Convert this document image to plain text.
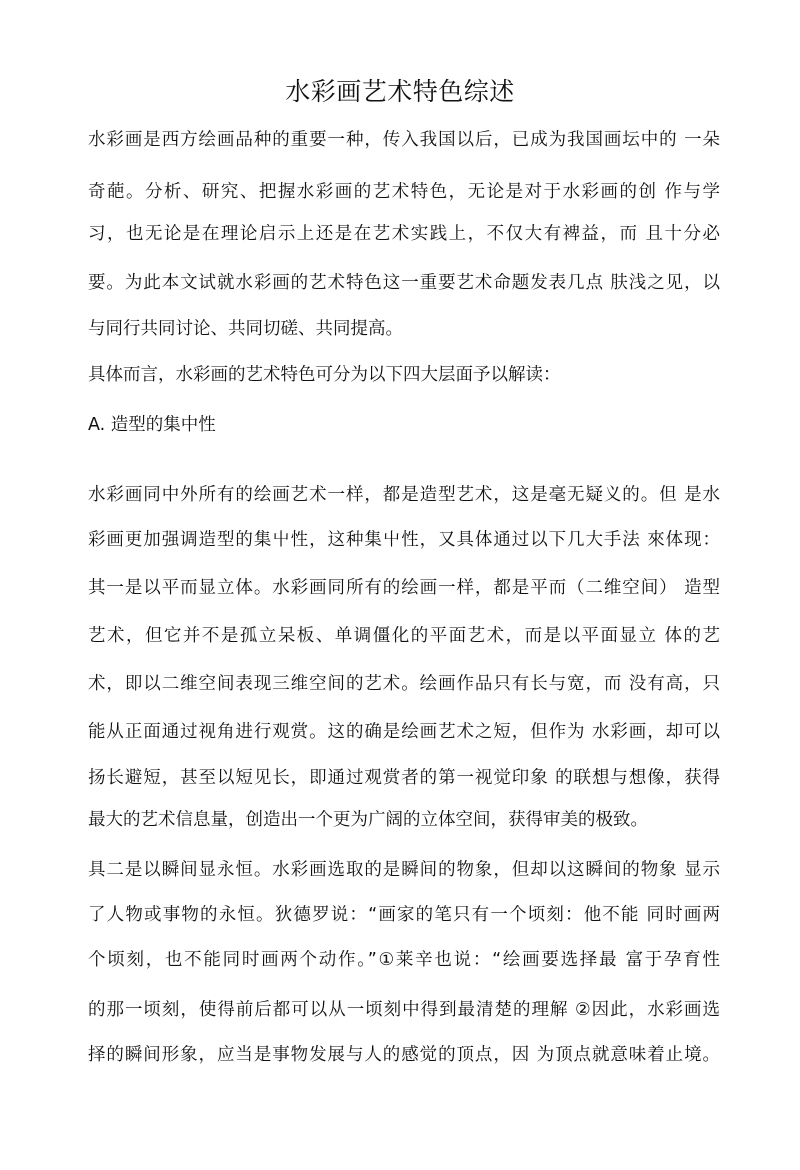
水彩画艺术特色综述

水彩画是西方绘画品种的重要一种，传入我国以后，已成为我国画坛中的 一朵

奇葩。分析、研究、把握水彩画的艺术特色，无论是对于水彩画的创 作与学

习，也无论是在理论启示上还是在艺术实践上，不仅大有裨益，而 且十分必

要。为此本文试就水彩画的艺术特色这一重要艺术命题发表几点 肤浅之见，以

与同行共同讨论、共同切磋、共同提高。

具体而言，水彩画的艺术特色可分为以下四大层面予以解读：

A. 造型的集中性

水彩画同中外所有的绘画艺术一样，都是造型艺术，这是毫无疑义的。但 是水

彩画更加强调造型的集屮性，这种集屮性，又具体通过以下几大手法 來体现：

其一是以平而显立体。水彩画同所有的绘画一样，都是平而（二维空间） 造型

艺术，但它并不是孤立呆板、单调僵化的平面艺术，而是以平面显立 体的艺

术，即以二维空间表现三维空间的艺术。绘画作品只有长与宽，而 没有高，只

能从正面通过视角进行观赏。这的确是绘画艺术之短，但作为 水彩画，却可以

扬长避短，甚至以短见长，即通过观赏者的第一视觉印象 的联想与想像，获得

最大的艺术信息量，创造出一个更为广阔的立体空间，获得审美的极致。

具二是以瞬间显永恒。水彩画选取的是瞬间的物象，但却以这瞬间的物象 显示

了人物或事物的永恒。狄德罗说：“画家的笔只有一个顷刻：他不能 同时画两

个顷刻，也不能同时画两个动作。”①莱辛也说：“绘画要选择最 富于孕育性

的那一顷刻，使得前后都可以从一顷刻中得到最清楚的理解 ②因此，水彩画选

择的瞬间形象，应当是事物发展与人的感觉的顶点，因 为顶点就意味着止境。
